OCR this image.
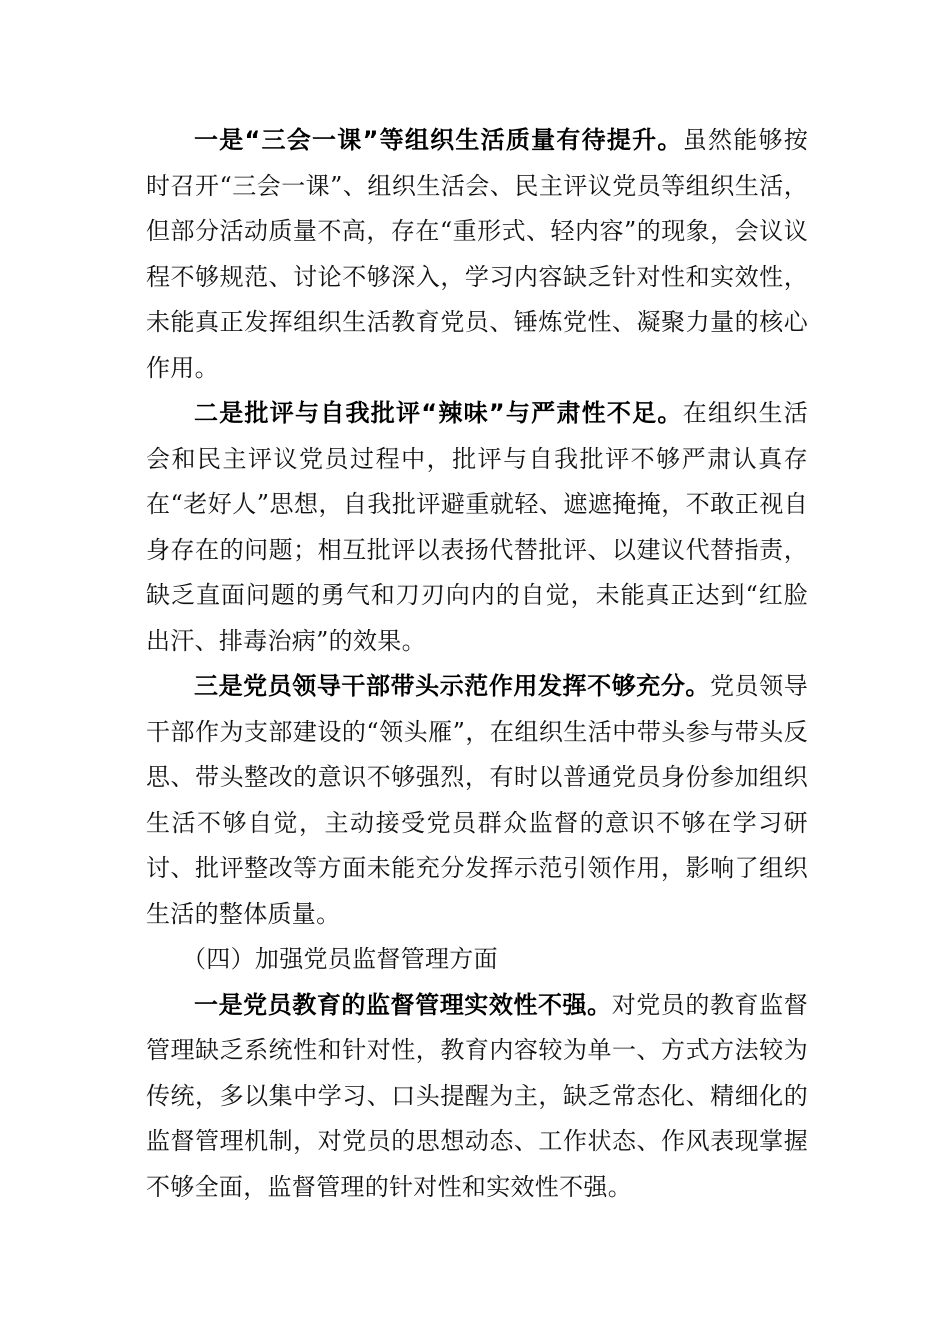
一是“三会一课”等组织生活质量有待提升。虽然能够按时召开“三会一课”、组织生活会、民主评议党员等组织生活，但部分活动质量不高，存在“重形式、轻内容”的现象，会议议程不够规范、讨论不够深入，学习内容缺乏针对性和实效性，未能真正发挥组织生活教育党员、锤炼党性、凝聚力量的核心作用。

二是批评与自我批评“辣味”与严肃性不足。在组织生活会和民主评议党员过程中，批评与自我批评不够严肃认真存在“老好人”思想，自我批评避重就轻、遮遮掩掩，不敢正视自身存在的问题；相互批评以表扬代替批评、以建议代替指责，缺乏直面问题的勇气和刀刃向内的自觉，未能真正达到“红脸出汗、排毒治病”的效果。

三是党员领导干部带头示范作用发挥不够充分。党员领导干部作为支部建设的“领头雁”，在组织生活中带头参与带头反思、带头整改的意识不够强烈，有时以普通党员身份参加组织生活不够自觉，主动接受党员群众监督的意识不够在学习研讨、批评整改等方面未能充分发挥示范引领作用，影响了组织生活的整体质量。

（四）加强党员监督管理方面

一是党员教育的监督管理实效性不强。对党员的教育监督管理缺乏系统性和针对性，教育内容较为单一、方式方法较为传统，多以集中学习、口头提醒为主，缺乏常态化、精细化的监督管理机制，对党员的思想动态、工作状态、作风表现掌握不够全面，监督管理的针对性和实效性不强。
